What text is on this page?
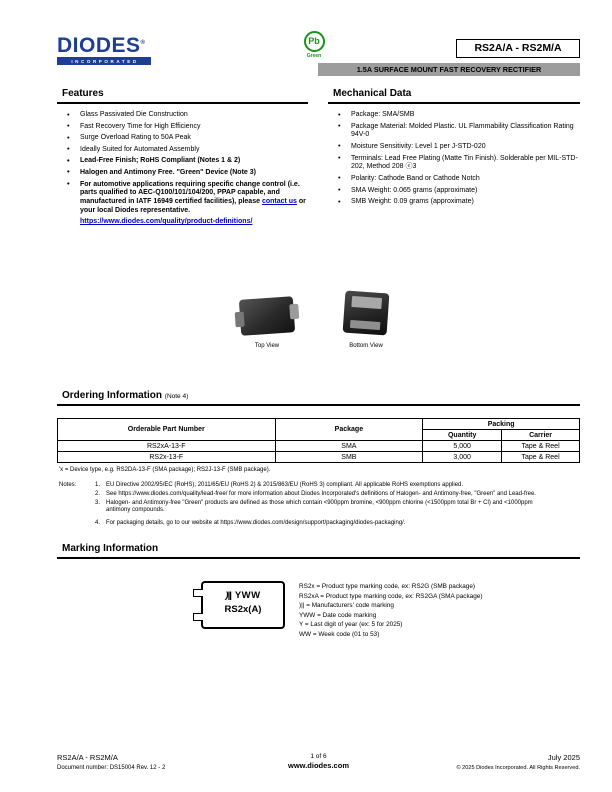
DIODES®
INCORPORATED
Pb
Green
RS2A/A - RS2M/A
1.5A SURFACE MOUNT FAST RECOVERY RECTIFIER
Features
• Glass Passivated Die Construction
• Fast Recovery Time for High Efficiency
• Surge Overload Rating to 50A Peak
• Ideally Suited for Automated Assembly
• Lead-Free Finish; RoHS Compliant (Notes 1 & 2)
• Halogen and Antimony Free. "Green" Device (Note 3)
• For automotive applications requiring specific change control (i.e. parts qualified to AEC-Q100/101/104/200, PPAP capable, and manufactured in IATF 16949 certified facilities), please contact us or your local Diodes representative.
https://www.diodes.com/quality/product-definitions/
Mechanical Data
• Package: SMA/SMB
• Package Material: Molded Plastic. UL Flammability Classification Rating 94V-0
• Moisture Sensitivity: Level 1 per J-STD-020
• Terminals: Lead Free Plating (Matte Tin Finish). Solderable per MIL-STD-202, Method 208 ⓔ3
• Polarity: Cathode Band or Cathode Notch
• SMA Weight: 0.065 grams (approximate)
• SMB Weight: 0.09 grams (approximate)
Top View	Bottom View
Ordering Information (Note 4)
Orderable Part Number	Package	Packing	
		Quantity	Carrier
RS2xA-13-F	SMA	5,000	Tape & Reel
RS2x-13-F	SMB	3,000	Tape & Reel
'x = Device type, e.g. RS2DA-13-F (SMA package); RS2J-13-F (SMB package).
Notes:	1. EU Directive 2002/95/EC (RoHS), 2011/65/EU (RoHS 2) & 2015/863/EU (RoHS 3) compliant. All applicable RoHS exemptions applied.
2. See https://www.diodes.com/quality/lead-free/ for more information about Diodes Incorporated's definitions of Halogen- and Antimony-free, "Green" and Lead-free.
3. Halogen- and Antimony-free "Green" products are defined as those which contain <900ppm bromine, <900ppm chlorine (<1500ppm total Br + Cl) and <1000ppm antimony compounds.
4. For packaging details, go to our website at https://www.diodes.com/design/support/packaging/diodes-packaging/.
Marking Information
)|| YWW
RS2x(A)
RS2x = Product type marking code, ex: RS2G (SMB package)
RS2xA = Product type marking code, ex: RS2GA (SMA package)
)|| = Manufacturers' code marking
YWW = Date code marking
Y = Last digit of year (ex: 5 for 2025)
WW = Week code (01 to 53)
RS2A/A - RS2M/A
Document number: DS15004 Rev. 12 - 2
1 of 6
www.diodes.com
July 2025
© 2025 Diodes Incorporated. All Rights Reserved.
